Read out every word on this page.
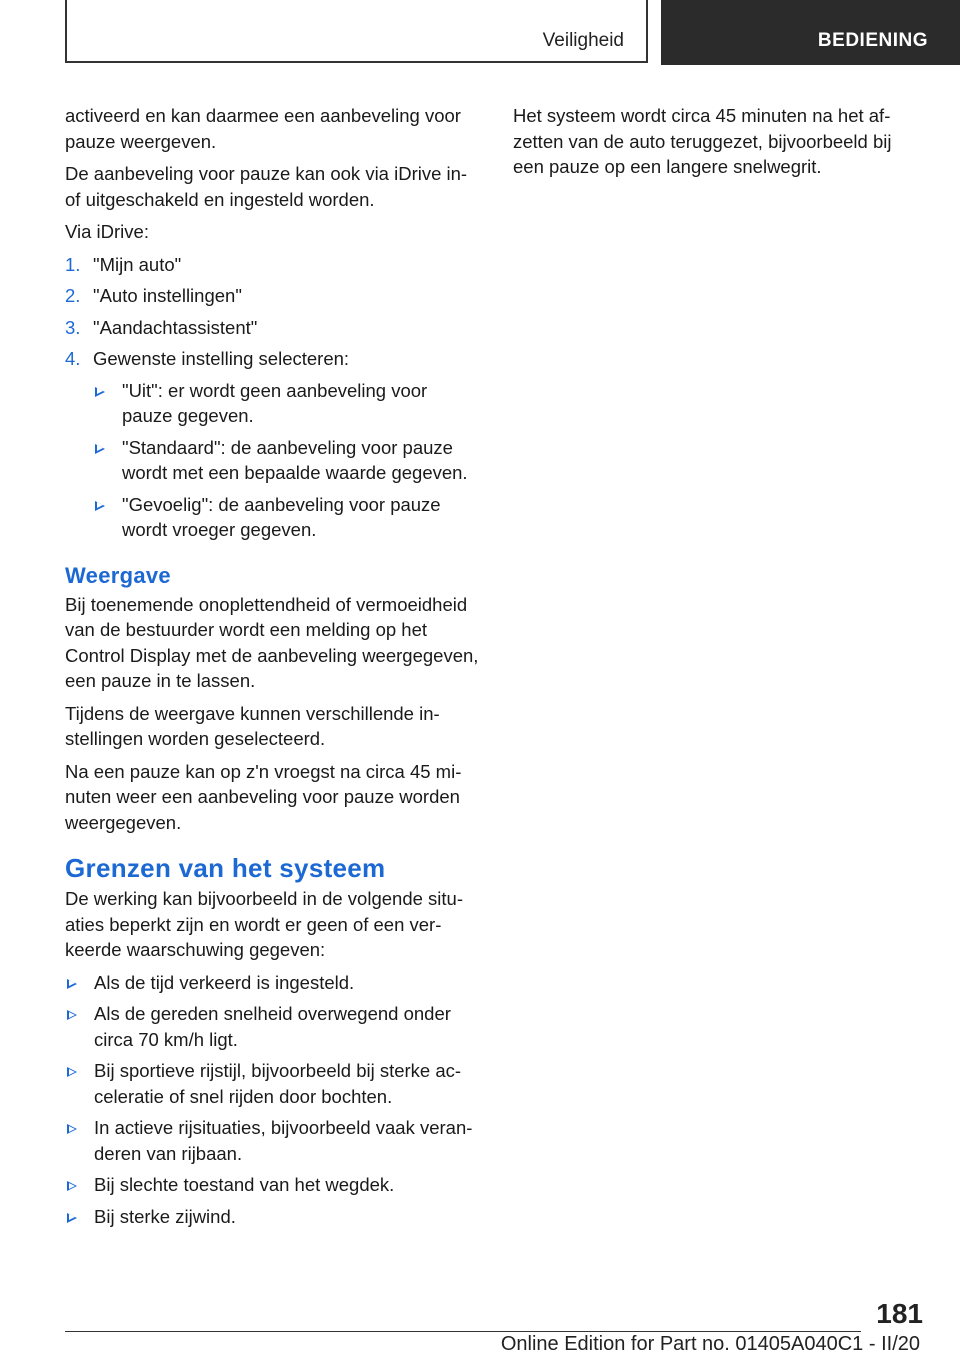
Veiligheid	BEDIENING

activeerd en kan daarmee een aanbeveling voor pauze weergeven.

De aanbeveling voor pauze kan ook via iDrive in- of uitgeschakeld en ingesteld worden.

Via iDrive:

1. "Mijn auto"
2. "Auto instellingen"
3. "Aandachtassistent"
4. Gewenste instelling selecteren:
"Uit": er wordt geen aanbeveling voor pauze gegeven.
"Standaard": de aanbeveling voor pauze wordt met een bepaalde waarde gegeven.
"Gevoelig": de aanbeveling voor pauze wordt vroeger gegeven.
Weergave

Bij toenemende onoplettendheid of vermoeidheid van de bestuurder wordt een melding op het Control Display met de aanbeveling weergegeven, een pauze in te lassen.

Tijdens de weergave kunnen verschillende instellingen worden geselecteerd.

Na een pauze kan op z'n vroegst na circa 45 minuten weer een aanbeveling voor pauze worden weergegeven.

Grenzen van het systeem

De werking kan bijvoorbeeld in de volgende situaties beperkt zijn en wordt er geen of een verkeerde waarschuwing gegeven:

Als de tijd verkeerd is ingesteld.
Als de gereden snelheid overwegend onder circa 70 km/h ligt.
Bij sportieve rijstijl, bijvoorbeeld bij sterke acceleratie of snel rijden door bochten.
In actieve rijsituaties, bijvoorbeeld vaak veranderen van rijbaan.
Bij slechte toestand van het wegdek.
Bij sterke zijwind.

Het systeem wordt circa 45 minuten na het afzetten van de auto teruggezet, bijvoorbeeld bij een pauze op een langere snelwegrit.

181
Online Edition for Part no. 01405A040C1 - II/20
